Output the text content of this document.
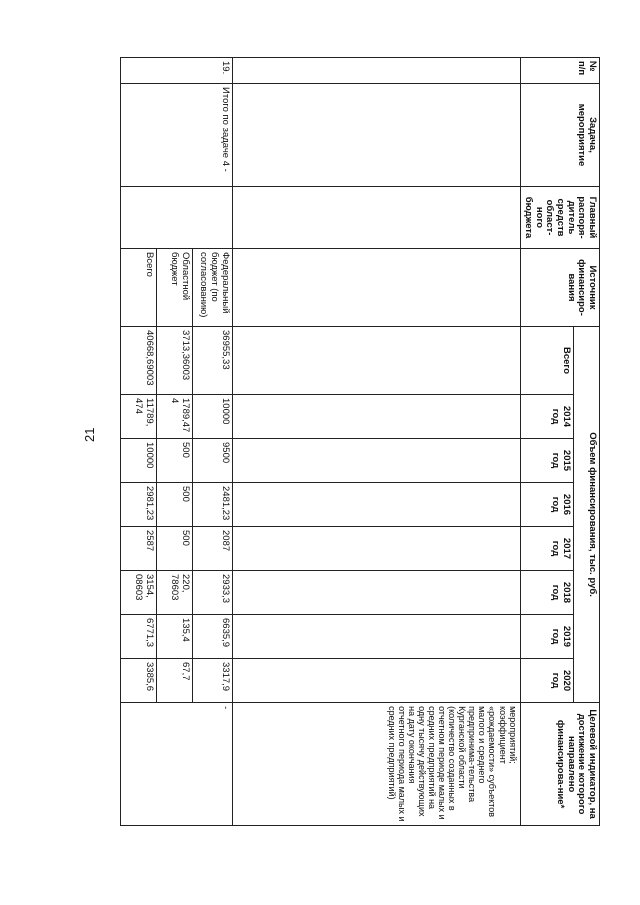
21
№ п/п	Задача, мероприятие	Главный распоря-дитель средств област-ного бюджета	Источник финансиро-вания	Объем финансирования, тыс. руб.								Целевой индикатор, на достижение которого направлено финансирова-ние*
				Всего	2014 год	2015 год	2016 год	2017 год	2018 год	2019 год	2020 год	
												мероприятий; коэффициент «рождаемости» субъектов малого и среднего предпринима-тельства Курганской области (количество созданных в отчетном периоде малых и средних предприятий на одну тысячу действующих на дату окончания отчетного периода малых и средних предприятий)
19.	Итого по задаче 4 -		Федеральный бюджет (по согласованию)	36955,33	10000	9500	2481,23	2087	2933,3	6635,9	3317,9	-
			Областной бюджет	3713,36003	1789,474	500	500	500	220, 78603	135,4	67,7	
			Всего	40668,69003	11789, 474	10000	2981,23	2587	3154, 08603	6771,3	3385,6	
